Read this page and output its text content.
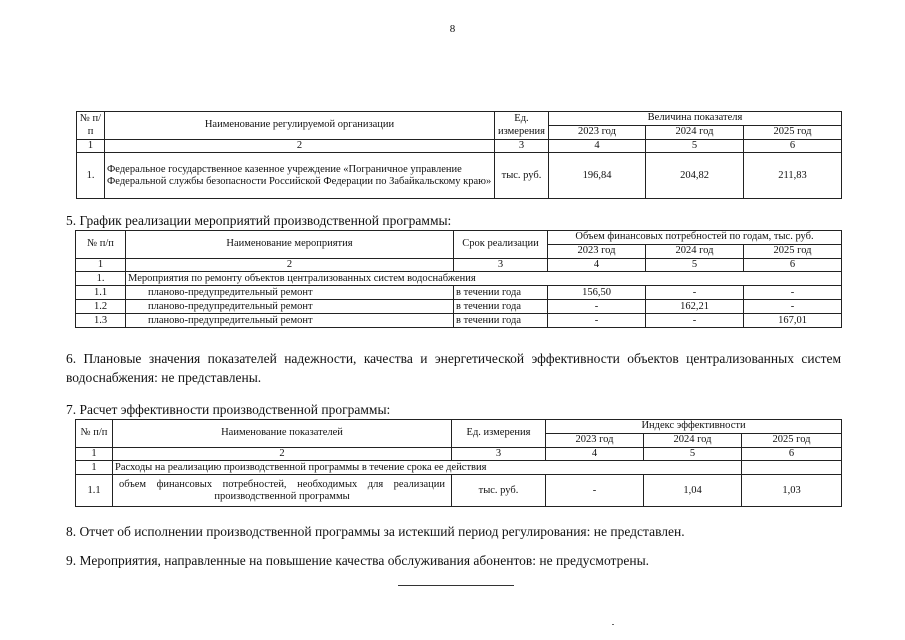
8
№ п/п	Наименование регулируемой организации	Ед. измерения	Величина показателя		
			2023 год	2024 год	2025 год
1	2	3	4	5	6
1.	Федеральное государственное казенное учреждение «Пограничное управление Федеральной службы безопасности Российской Федерации по Забайкальскому краю»	тыс. руб.	196,84	204,82	211,83
5. График реализации мероприятий производственной программы:
№ п/п	Наименование мероприятия	Срок реализации	Объем финансовых потребностей по годам, тыс. руб.		
			2023 год	2024 год	2025 год
1	2	3	4	5	6
1.	Мероприятия по ремонту объектов централизованных систем водоснабжения				
1.1	планово-предупредительный ремонт	в течении года	156,50	-	-
1.2	планово-предупредительный ремонт	в течении года	-	162,21	-
1.3	планово-предупредительный ремонт	в течении года	-	-	167,01
6. Плановые значения показателей надежности, качества и энергетической эффективности объектов централизованных систем водоснабжения: не представлены.
7. Расчет эффективности производственной программы:
№ п/п	Наименование показателей	Ед. измерения	Индекс эффективности		
			2023 год	2024 год	2025 год
1	2	3	4	5	6
1	Расходы на реализацию производственной программы в течение срока ее действия				
1.1	объем финансовых потребностей, необходимых для реализации производственной программы	тыс. руб.	-	1,04	1,03
8. Отчет об исполнении производственной программы за истекший период регулирования: не представлен.
9. Мероприятия, направленные на повышение качества обслуживания абонентов: не предусмотрены.
